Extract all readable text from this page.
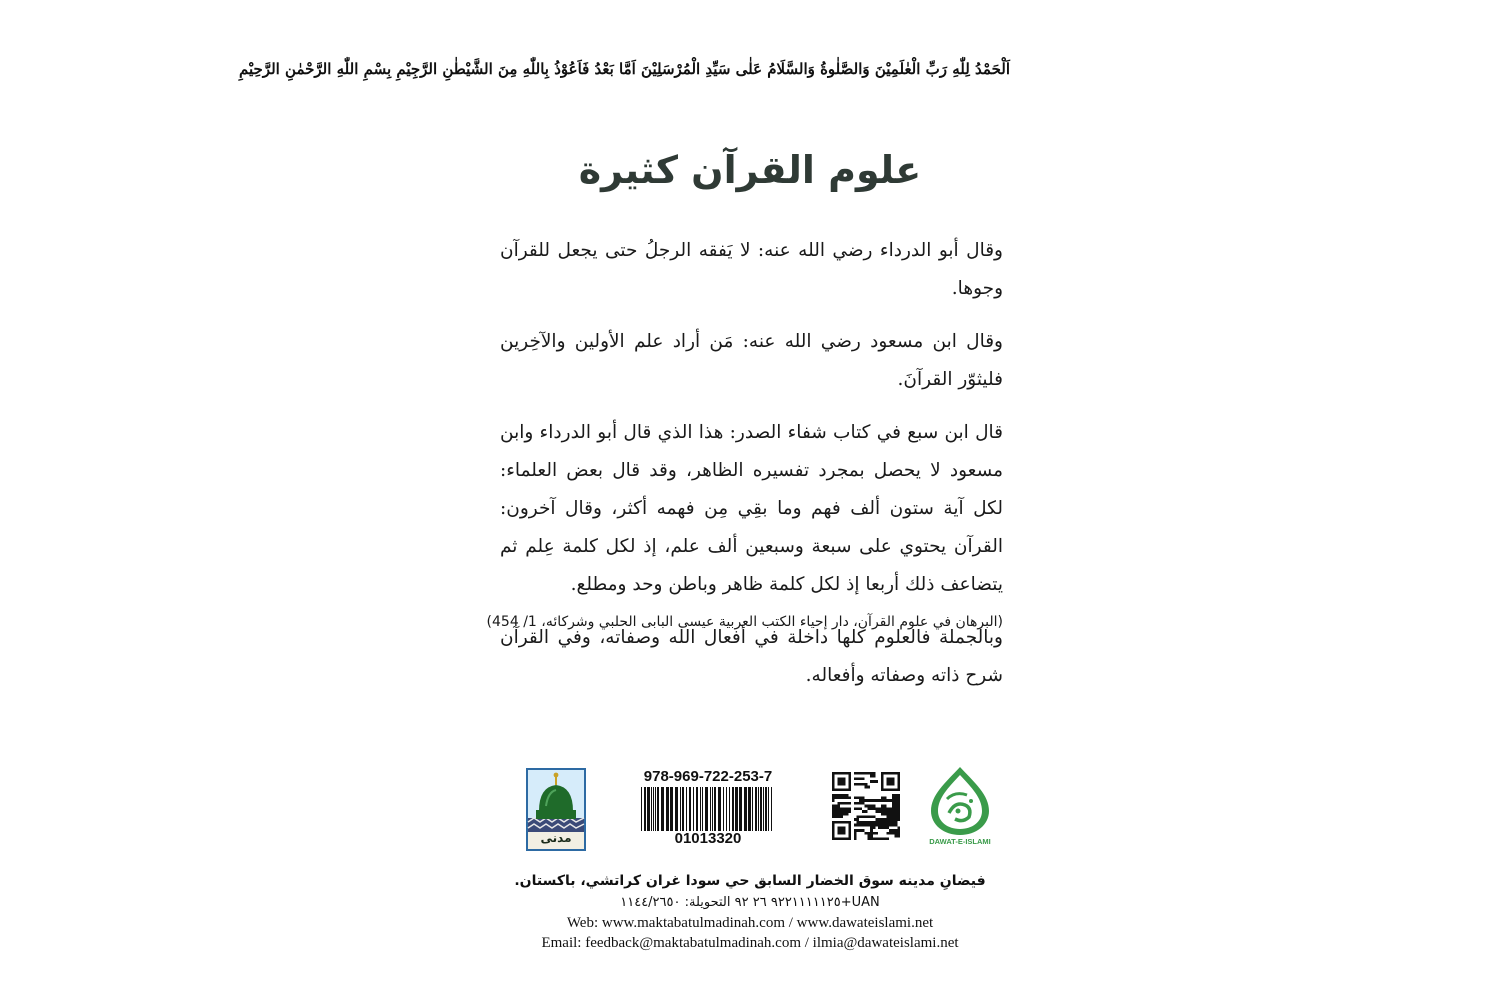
اَلْحَمْدُ لِلّٰهِ رَبِّ الْعٰلَمِيْنَ وَالصَّلٰوةُ وَالسَّلَامُ عَلٰى سَيِّدِ الْمُرْسَلِيْنَ اَمَّا بَعْدُ فَاَعُوْذُ بِاللّٰهِ مِنَ الشَّيْطٰنِ الرَّجِيْمِ بِسْمِ اللّٰهِ الرَّحْمٰنِ الرَّحِيْمِ
علوم القرآن كثيرة

وقال أبو الدرداء رضي الله عنه: لا يَفقه الرجلُ حتى يجعل للقرآن وجوها.

وقال ابن مسعود رضي الله عنه: مَن أراد علم الأولين والآخِرين فليثوّر القرآنَ.

قال ابن سبع في كتاب شفاء الصدر: هذا الذي قال أبو الدرداء وابن مسعود لا يحصل بمجرد تفسيره الظاهر، وقد قال بعض العلماء: لكل آية ستون ألف فهم وما بقِي مِن فهمه أكثر، وقال آخرون: القرآن يحتوي على سبعة وسبعين ألف علم، إذ لكل كلمة عِلم ثم يتضاعف ذلك أربعا إذ لكل كلمة ظاهر وباطن وحد ومطلع.

وبالجملة فالعلوم كلها داخلة في أفعال الله وصفاته، وفي القرآن شرح ذاته وصفاته وأفعاله.

(البرهان في علوم القرآن، دار إحياء الكتب العربية عيسى البابى الحلبي وشركائه، 1/ 454)
مدنی
978-969-722-253-7
01013320	DAWAT-E-ISLAMI
فيضانِ مدينه سوق الخضار السابق حي سودا غران كراتشي، باكستان.
UAN+٩٢٢١١١١١٢٥ ٢٦ ٩٢ التحويلة: ١١٤٤/٢٦٥٠
Web: www.maktabatulmadinah.com / www.dawateislami.net
Email: feedback@maktabatulmadinah.com / ilmia@dawateislami.net
